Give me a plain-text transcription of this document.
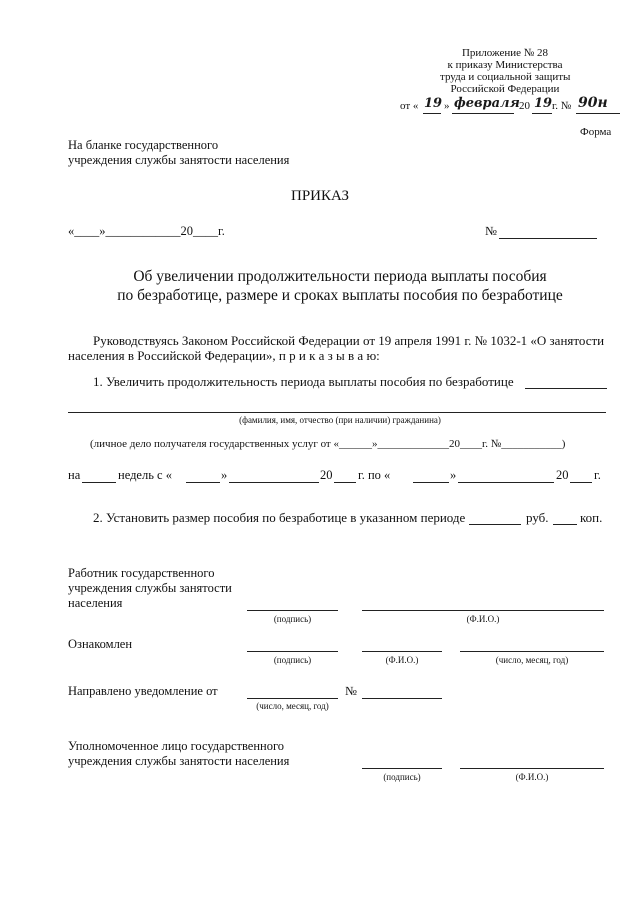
Приложение № 28
к приказу Министерства
труда и социальной защиты
Российской Федерации
от « 19 » февраля 20 19 г. № 90н
Форма
На бланке государственного
учреждения службы занятости населения
ПРИКАЗ
«____»____________20____г.	№
Об увеличении продолжительности периода выплаты пособия
по безработице, размере и сроках выплаты пособия по безработице
Руководствуясь Законом Российской Федерации от 19 апреля 1991 г. № 1032-1 «О занятости
населения в Российской Федерации», п р и к а з ы в а ю:
1. Увеличить продолжительность периода выплаты пособия по безработице
(фамилия, имя, отчество (при наличии) гражданина)
(личное дело получателя государственных услуг от «______»_____________20____г. №___________)
на	недель с «	»	20 г. по «	»	20 г.
2. Установить размер пособия по безработице в указанном периоде	руб. коп.
Работник государственного
учреждения службы занятости
населения
(подпись)	(Ф.И.О.)
Ознакомлен
(подпись)	(Ф.И.О.)	(число, месяц, год)
Направлено уведомление от	№
(число, месяц, год)
Уполномоченное лицо государственного
учреждения службы занятости населения
(подпись)	(Ф.И.О.)
